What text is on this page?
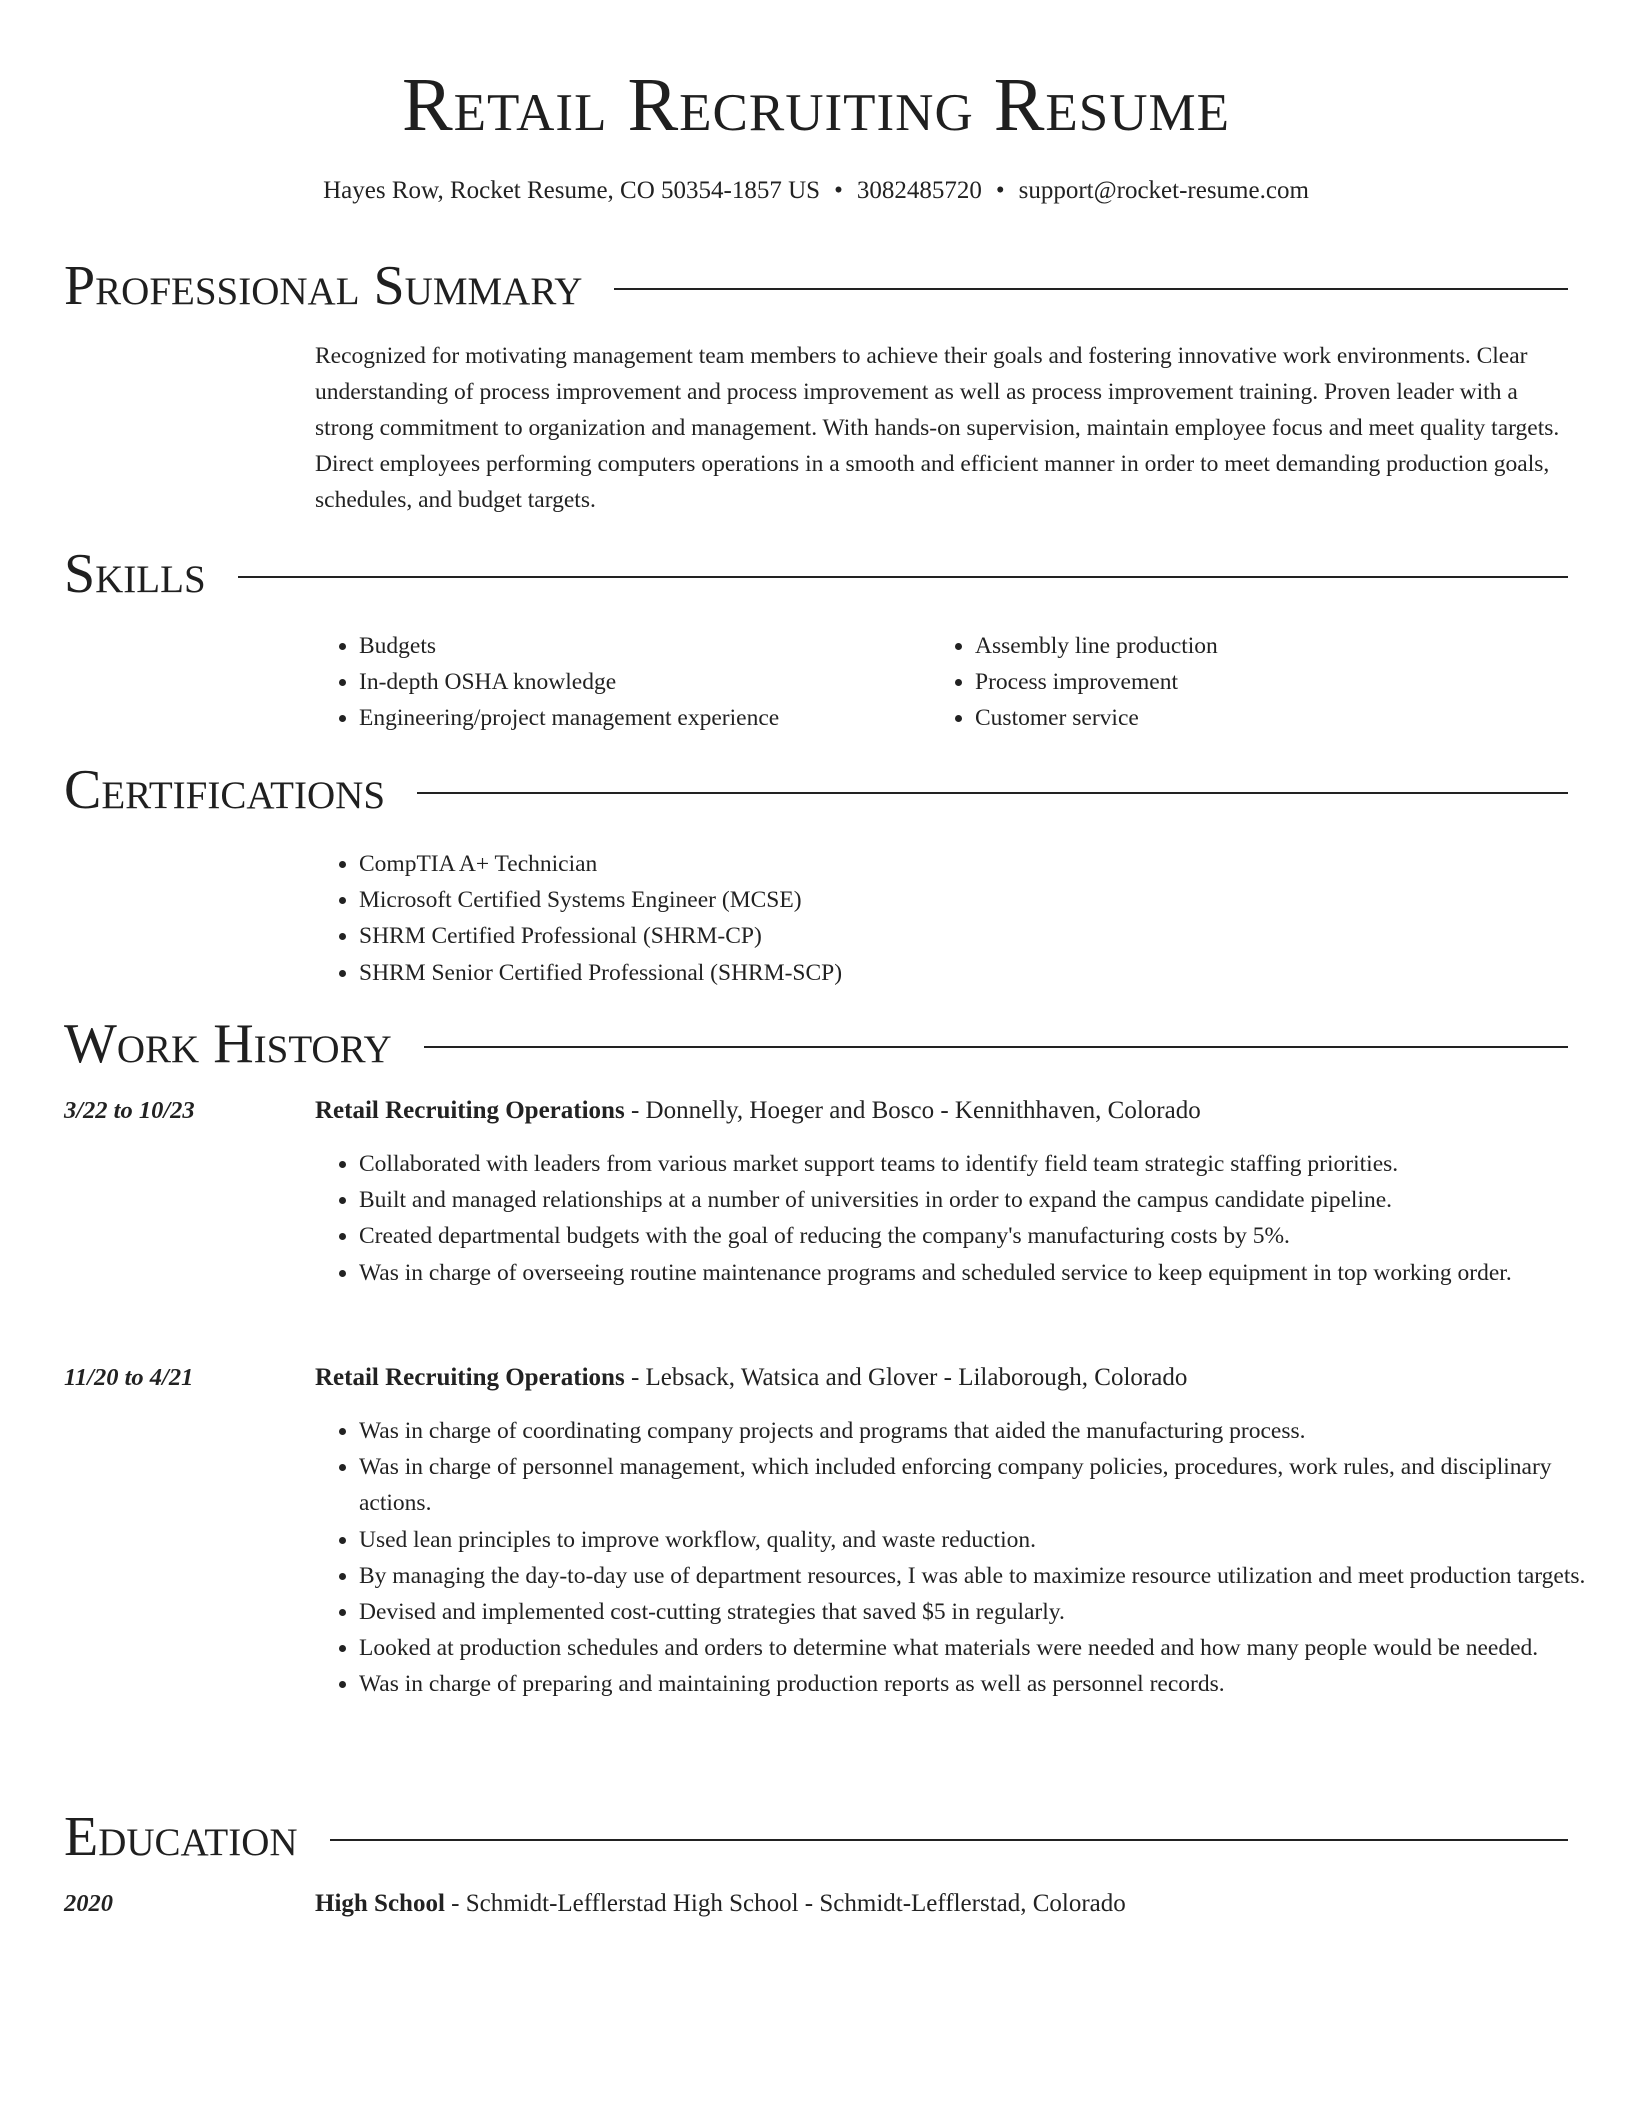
Retail Recruiting Resume
Hayes Row, Rocket Resume, CO 50354-1857 US • 3082485720 • support@rocket-resume.com
Professional Summary

Recognized for motivating management team members to achieve their goals and fostering innovative work environments. Clear understanding of process improvement and process improvement as well as process improvement training. Proven leader with a strong commitment to organization and management. With hands-on supervision, maintain employee focus and meet quality targets. Direct employees performing computers operations in a smooth and efficient manner in order to meet demanding production goals, schedules, and budget targets.

Skills
• Budgets
• In-depth OSHA knowledge
• Engineering/project management experience
• Assembly line production
• Process improvement
• Customer service
Certifications
• CompTIA A+ Technician
• Microsoft Certified Systems Engineer (MCSE)
• SHRM Certified Professional (SHRM-CP)
• SHRM Senior Certified Professional (SHRM-SCP)
Work History
3/22 to 10/23	Retail Recruiting Operations - Donnelly, Hoeger and Bosco - Kennithhaven, Colorado
• Collaborated with leaders from various market support teams to identify field team strategic staffing priorities.
• Built and managed relationships at a number of universities in order to expand the campus candidate pipeline.
• Created departmental budgets with the goal of reducing the company's manufacturing costs by 5%.
• Was in charge of overseeing routine maintenance programs and scheduled service to keep equipment in top working order.
11/20 to 4/21	Retail Recruiting Operations - Lebsack, Watsica and Glover - Lilaborough, Colorado
• Was in charge of coordinating company projects and programs that aided the manufacturing process.
• Was in charge of personnel management, which included enforcing company policies, procedures, work rules, and disciplinary actions.
• Used lean principles to improve workflow, quality, and waste reduction.
• By managing the day-to-day use of department resources, I was able to maximize resource utilization and meet production targets.
• Devised and implemented cost-cutting strategies that saved $5 in regularly.
• Looked at production schedules and orders to determine what materials were needed and how many people would be needed.
• Was in charge of preparing and maintaining production reports as well as personnel records.
Education
2020	High School - Schmidt-Lefflerstad High School - Schmidt-Lefflerstad, Colorado
